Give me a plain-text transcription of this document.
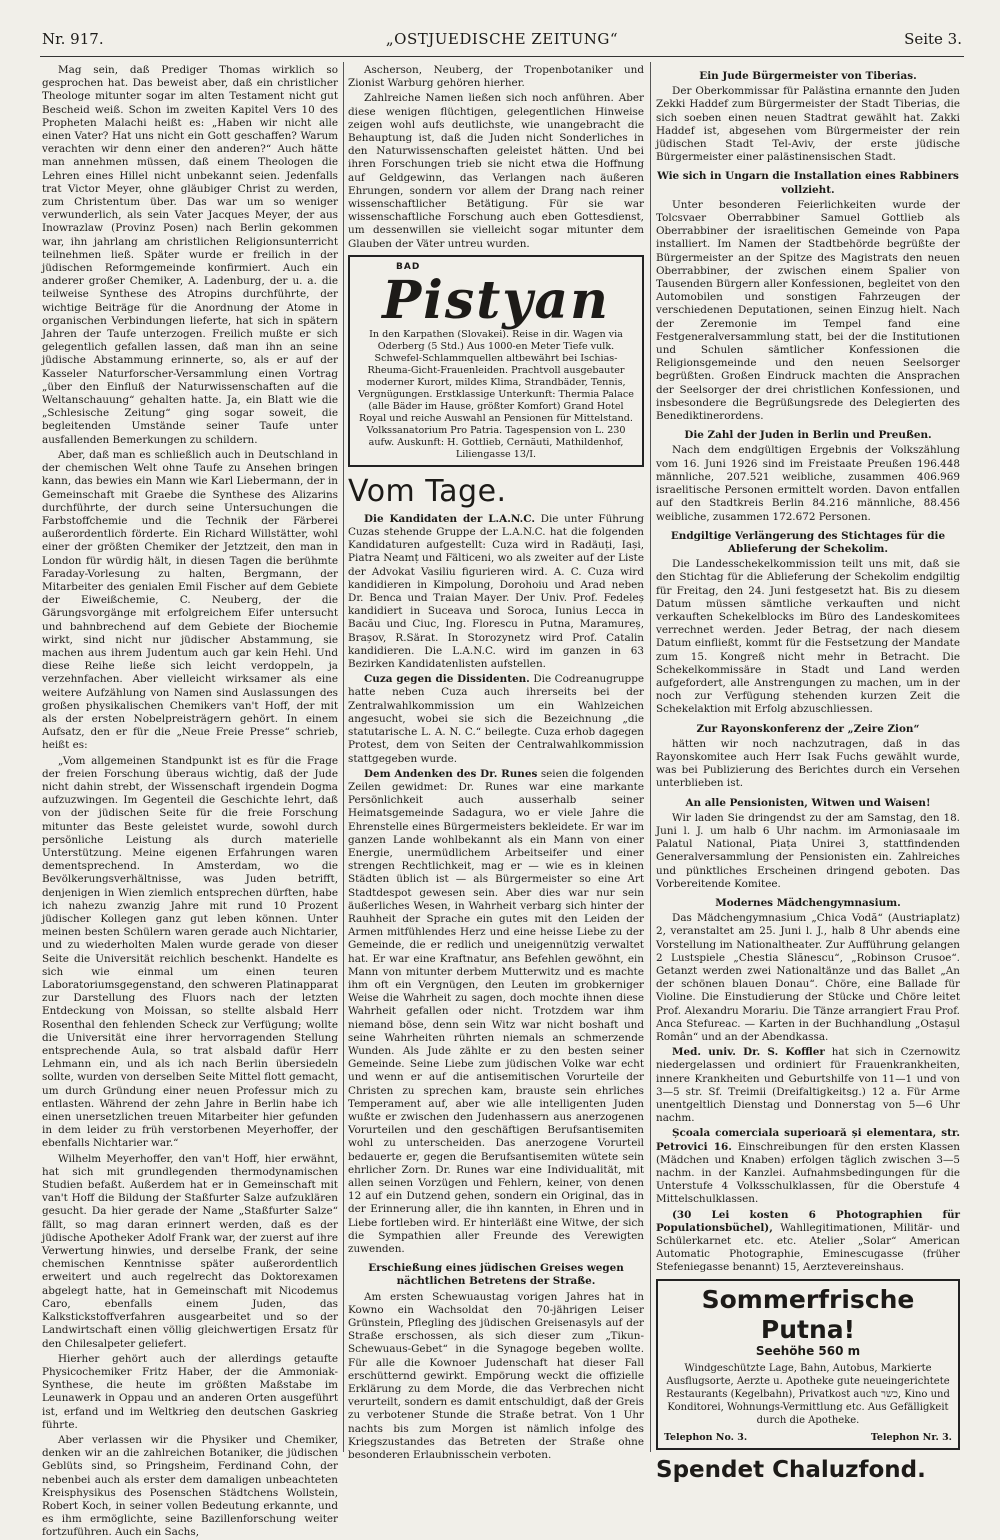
Nr. 917.	„OSTJUEDISCHE ZEITUNG“	Seite 3.

Mag sein, daß Prediger Thomas wirklich so gesprochen hat. Das beweist aber, daß ein christlicher Theologe mitunter sogar im alten Testament nicht gut Bescheid weiß. Schon im zweiten Kapitel Vers 10 des Propheten Malachi heißt es: „Haben wir nicht alle einen Vater? Hat uns nicht ein Gott geschaffen? Warum verachten wir denn einer den anderen?“ Auch hätte man annehmen müssen, daß einem Theologen die Lehren eines Hillel nicht unbekannt seien. Jedenfalls trat Victor Meyer, ohne gläubiger Christ zu werden, zum Christentum über. Das war um so weniger verwunderlich, als sein Vater Jacques Meyer, der aus Inowrazlaw (Provinz Posen) nach Berlin gekommen war, ihn jahrlang am christlichen Religionsunterricht teilnehmen ließ. Später wurde er freilich in der jüdischen Reformgemeinde konfirmiert. Auch ein anderer großer Chemiker, A. Ladenburg, der u. a. die teilweise Synthese des Atropins durchführte, der wichtige Beiträge für die Anordnung der Atome in organischen Verbindungen lieferte, hat sich in spätern Jahren der Taufe unterzogen. Freilich mußte er sich gelegentlich gefallen lassen, daß man ihn an seine jüdische Abstammung erinnerte, so, als er auf der Kasseler Naturforscher-Versammlung einen Vortrag „über den Einfluß der Naturwissenschaften auf die Weltanschauung“ gehalten hatte. Ja, ein Blatt wie die „Schlesische Zeitung“ ging sogar soweit, die begleitenden Umstände seiner Taufe unter ausfallenden Bemerkungen zu schildern.

Aber, daß man es schließlich auch in Deutschland in der chemischen Welt ohne Taufe zu Ansehen bringen kann, das bewies ein Mann wie Karl Liebermann, der in Gemeinschaft mit Graebe die Synthese des Alizarins durchführte, der durch seine Untersuchungen die Farbstoffchemie und die Technik der Färberei außerordentlich förderte. Ein Richard Willstätter, wohl einer der größten Chemiker der Jetztzeit, den man in London für würdig hält, in diesen Tagen die berühmte Faraday-Vorlesung zu halten, Bergmann, der Mitarbeiter des genialen Emil Fischer auf dem Gebiete der Eiweißchemie, C. Neuberg, der die Gärungsvorgänge mit erfolgreichem Eifer untersucht und bahnbrechend auf dem Gebiete der Biochemie wirkt, sind nicht nur jüdischer Abstammung, sie machen aus ihrem Judentum auch gar kein Hehl. Und diese Reihe ließe sich leicht verdoppeln, ja verzehnfachen. Aber vielleicht wirksamer als eine weitere Aufzählung von Namen sind Auslassungen des großen physikalischen Chemikers van't Hoff, der mit als der ersten Nobelpreisträgern gehört. In einem Aufsatz, den er für die „Neue Freie Presse“ schrieb, heißt es:

„Vom allgemeinen Standpunkt ist es für die Frage der freien Forschung überaus wichtig, daß der Jude nicht dahin strebt, der Wissenschaft irgendein Dogma aufzuzwingen. Im Gegenteil die Geschichte lehrt, daß von der jüdischen Seite für die freie Forschung mitunter das Beste geleistet wurde, sowohl durch persönliche Leistung als durch materielle Unterstützung. Meine eigenen Erfahrungen waren dementsprechend. In Amsterdam, wo die Bevölkerungsverhältnisse, was Juden betrifft, denjenigen in Wien ziemlich entsprechen dürften, habe ich nahezu zwanzig Jahre mit rund 10 Prozent jüdischer Kollegen ganz gut leben können. Unter meinen besten Schülern waren gerade auch Nichtarier, und zu wiederholten Malen wurde gerade von dieser Seite die Universität reichlich beschenkt. Handelte es sich wie einmal um einen teuren Laboratoriumsgegenstand, den schweren Platinapparat zur Darstellung des Fluors nach der letzten Entdeckung von Moissan, so stellte alsbald Herr Rosenthal den fehlenden Scheck zur Verfügung; wollte die Universität eine ihrer hervorragenden Stellung entsprechende Aula, so trat alsbald dafür Herr Lehmann ein, und als ich nach Berlin übersiedeln sollte, wurden von derselben Seite Mittel flott gemacht, um durch Gründung einer neuen Professur mich zu entlasten. Während der zehn Jahre in Berlin habe ich einen unersetzlichen treuen Mitarbeiter hier gefunden in dem leider zu früh verstorbenen Meyerhoffer, der ebenfalls Nichtarier war.“

Wilhelm Meyerhoffer, den van't Hoff, hier erwähnt, hat sich mit grundlegenden thermodynamischen Studien befaßt. Außerdem hat er in Gemeinschaft mit van't Hoff die Bildung der Staßfurter Salze aufzuklären gesucht. Da hier gerade der Name „Staßfurter Salze“ fällt, so mag daran erinnert werden, daß es der jüdische Apotheker Adolf Frank war, der zuerst auf ihre Verwertung hinwies, und derselbe Frank, der seine chemischen Kenntnisse später außerordentlich erweitert und auch regelrecht das Doktorexamen abgelegt hatte, hat in Gemeinschaft mit Nicodemus Caro, ebenfalls einem Juden, das Kalkstickstoffverfahren ausgearbeitet und so der Landwirtschaft einen völlig gleichwertigen Ersatz für den Chilesalpeter geliefert.

Hierher gehört auch der allerdings getaufte Physicochemiker Fritz Haber, der die Ammoniak-Synthese, die heute im größten Maßstabe im Leunawerk in Oppau und an anderen Orten ausgeführt ist, erfand und im Weltkrieg den deutschen Gaskrieg führte.

Aber verlassen wir die Physiker und Chemiker, denken wir an die zahlreichen Botaniker, die jüdischen Geblüts sind, so Pringsheim, Ferdinand Cohn, der nebenbei auch als erster dem damaligen unbeachteten Kreisphysikus des Posenschen Städtchens Wollstein, Robert Koch, in seiner vollen Bedeutung erkannte, und es ihm ermöglichte, seine Bazillenforschung weiter fortzuführen. Auch ein Sachs,

Ascherson, Neuberg, der Tropenbotaniker und Zionist Warburg gehören hierher.

Zahlreiche Namen ließen sich noch anführen. Aber diese wenigen flüchtigen, gelegentlichen Hinweise zeigen wohl aufs deutlichste, wie unangebracht die Behauptung ist, daß die Juden nicht Sonderliches in den Naturwissenschaften geleistet hätten. Und bei ihren Forschungen trieb sie nicht etwa die Hoffnung auf Geldgewinn, das Verlangen nach äußeren Ehrungen, sondern vor allem der Drang nach reiner wissenschaftlicher Betätigung. Für sie war wissenschaftliche Forschung auch eben Gottesdienst, um dessenwillen sie vielleicht sogar mitunter dem Glauben der Väter untreu wurden.

BAD
Pistyan
In den Karpathen (Slovakei). Reise in dir. Wagen via Oderberg (5 Std.) Aus 1000-en Meter Tiefe vulk. Schwefel-Schlammquellen altbewährt bei Ischias-Rheuma-Gicht-Frauenleiden. Prachtvoll ausgebauter moderner Kurort, mildes Klima, Strandbäder, Tennis, Vergnügungen. Erstklassige Unterkunft: Thermia Palace (alle Bäder im Hause, größter Komfort) Grand Hotel Royal und reiche Auswahl an Pensionen für Mittelstand. Volkssanatorium Pro Patria. Tagespension von L. 230 aufw. Auskunft: H. Gottlieb, Cernäuti, Mathildenhof, Liliengasse 13/I.
Vom Tage.

Die Kandidaten der L.A.N.C. Die unter Führung Cuzas stehende Gruppe der L.A.N.C. hat die folgenden Kandidaturen aufgestellt: Cuza wird in Radäuți, Iași, Piatra Neamț und Fälticeni, wo als zweiter auf der Liste der Advokat Vasiliu figurieren wird. A. C. Cuza wird kandidieren in Kimpolung, Dorohoiu und Arad neben Dr. Benca und Traian Mayer. Der Univ. Prof. Fedeleș kandidiert in Suceava und Soroca, Iunius Lecca in Bacău und Ciuc, Ing. Florescu in Putna, Maramureș, Brașov, R.Särat. In Storozynetz wird Prof. Catalin kandidieren. Die L.A.N.C. wird im ganzen in 63 Bezirken Kandidatenlisten aufstellen.

Cuza gegen die Dissidenten. Die Codreanugruppe hatte neben Cuza auch ihrerseits bei der Zentralwahlkommission um ein Wahlzeichen angesucht, wobei sie sich die Bezeichnung „die statutarische L. A. N. C.“ beilegte. Cuza erhob dagegen Protest, dem von Seiten der Centralwahlkommission stattgegeben wurde.

Dem Andenken des Dr. Runes seien die folgenden Zeilen gewidmet: Dr. Runes war eine markante Persönlichkeit auch ausserhalb seiner Heimatsgemeinde Sadagura, wo er viele Jahre die Ehrenstelle eines Bürgermeisters bekleidete. Er war im ganzen Lande wohlbekannt als ein Mann von einer Energie, unermüdlichem Arbeitseifer und einer strengen Rechtlichkeit, mag er — wie es in kleinen Städten üblich ist — als Bürgermeister so eine Art Stadtdespot gewesen sein. Aber dies war nur sein äußerliches Wesen, in Wahrheit verbarg sich hinter der Rauhheit der Sprache ein gutes mit den Leiden der Armen mitfühlendes Herz und eine heisse Liebe zu der Gemeinde, die er redlich und uneigennützig verwaltet hat. Er war eine Kraftnatur, ans Befehlen gewöhnt, ein Mann von mitunter derbem Mutterwitz und es machte ihm oft ein Vergnügen, den Leuten im grobkerniger Weise die Wahrheit zu sagen, doch mochte ihnen diese Wahrheit gefallen oder nicht. Trotzdem war ihm niemand böse, denn sein Witz war nicht boshaft und seine Wahrheiten rührten niemals an schmerzende Wunden. Als Jude zählte er zu den besten seiner Gemeinde. Seine Liebe zum jüdischen Volke war echt und wenn er auf die antisemitischen Vorurteile der Christen zu sprechen kam, brauste sein ehrliches Temperament auf, aber wie alle intelligenten Juden wußte er zwischen den Judenhassern aus anerzogenen Vorurteilen und den geschäftigen Berufsantisemiten wohl zu unterscheiden. Das anerzogene Vorurteil bedauerte er, gegen die Berufsantisemiten wütete sein ehrlicher Zorn. Dr. Runes war eine Individualität, mit allen seinen Vorzügen und Fehlern, keiner, von denen 12 auf ein Dutzend gehen, sondern ein Original, das in der Erinnerung aller, die ihn kannten, in Ehren und in Liebe fortleben wird. Er hinterläßt eine Witwe, der sich die Sympathien aller Freunde des Verewigten zuwenden.

Erschießung eines jüdischen Greises wegen nächtlichen Betretens der Straße.

Am ersten Schewuaustag vorigen Jahres hat in Kowno ein Wachsoldat den 70-jährigen Leiser Grünstein, Pflegling des jüdischen Greisenasyls auf der Straße erschossen, als sich dieser zum „Tikun-Schewuaus-Gebet“ in die Synagoge begeben wollte. Für alle die Kownoer Judenschaft hat dieser Fall erschütternd gewirkt. Empörung weckt die offizielle Erklärung zu dem Morde, die das Verbrechen nicht verurteilt, sondern es damit entschuldigt, daß der Greis zu verbotener Stunde die Straße betrat. Von 1 Uhr nachts bis zum Morgen ist nämlich infolge des Kriegszustandes das Betreten der Straße ohne besonderen Erlaubnisschein verboten.

Ein Jude Bürgermeister von Tiberias.

Der Oberkommissar für Palästina ernannte den Juden Zekki Haddef zum Bürgermeister der Stadt Tiberias, die sich soeben einen neuen Stadtrat gewählt hat. Zakki Haddef ist, abgesehen vom Bürgermeister der rein jüdischen Stadt Tel-Aviv, der erste jüdische Bürgermeister einer palästinensischen Stadt.

Wie sich in Ungarn die Installation eines Rabbiners vollzieht.

Unter besonderen Feierlichkeiten wurde der Tolcsvaer Oberrabbiner Samuel Gottlieb als Oberrabbiner der israelitischen Gemeinde von Papa installiert. Im Namen der Stadtbehörde begrüßte der Bürgermeister an der Spitze des Magistrats den neuen Oberrabbiner, der zwischen einem Spalier von Tausenden Bürgern aller Konfessionen, begleitet von den Automobilen und sonstigen Fahrzeugen der verschiedenen Deputationen, seinen Einzug hielt. Nach der Zeremonie im Tempel fand eine Festgeneralversammlung statt, bei der die Institutionen und Schulen sämtlicher Konfessionen die Religionsgemeinde und den neuen Seelsorger begrüßten. Großen Eindruck machten die Ansprachen der Seelsorger der drei christlichen Konfessionen, und insbesondere die Begrüßungsrede des Delegierten des Benediktinerordens.

Die Zahl der Juden in Berlin und Preußen.

Nach dem endgültigen Ergebnis der Volkszählung vom 16. Juni 1926 sind im Freistaate Preußen 196.448 männliche, 207.521 weibliche, zusammen 406.969 israelitische Personen ermittelt worden. Davon entfallen auf den Stadtkreis Berlin 84.216 männliche, 88.456 weibliche, zusammen 172.672 Personen.

Endgiltige Verlängerung des Stichtages für die Ablieferung der Schekolim.

Die Landesschekelkommission teilt uns mit, daß sie den Stichtag für die Ablieferung der Schekolim endgiltig für Freitag, den 24. Juni festgesetzt hat. Bis zu diesem Datum müssen sämtliche verkauften und nicht verkauften Schekelblocks im Büro des Landeskomitees verrechnet werden. Jeder Betrag, der nach diesem Datum einfließt, kommt für die Festsetzung der Mandate zum 15. Kongreß nicht mehr in Betracht. Die Schekelkommissäre in Stadt und Land werden aufgefordert, alle Anstrengungen zu machen, um in der noch zur Verfügung stehenden kurzen Zeit die Schekelaktion mit Erfolg abzuschliessen.

Zur Rayonskonferenz der „Zeire Zion“

hätten wir noch nachzutragen, daß in das Rayonskomitee auch Herr Isak Fuchs gewählt wurde, was bei Publizierung des Berichtes durch ein Versehen unterblieben ist.

An alle Pensionisten, Witwen und Waisen!

Wir laden Sie dringendst zu der am Samstag, den 18. Juni l. J. um halb 6 Uhr nachm. im Armoniasaale im Palatul National, Piața Unirei 3, stattfindenden Generalversammlung der Pensionisten ein. Zahlreiches und pünktliches Erscheinen dringend geboten. Das Vorbereitende Komitee.

Modernes Mädchengymnasium.

Das Mädchengymnasium „Chica Vodă“ (Austriaplatz) 2, veranstaltet am 25. Juni l. J., halb 8 Uhr abends eine Vorstellung im Nationaltheater. Zur Aufführung gelangen 2 Lustspiele „Chestia Slănescu“, „Robinson Crusoe“. Getanzt werden zwei Nationaltänze und das Ballet „An der schönen blauen Donau“. Chöre, eine Ballade für Violine. Die Einstudierung der Stücke und Chöre leitet Prof. Alexandru Morariu. Die Tänze arrangiert Frau Prof. Anca Stefureac. — Karten in der Buchhandlung „Ostașul Român“ und an der Abendkassa.

Med. univ. Dr. S. Koffler hat sich in Czernowitz niedergelassen und ordiniert für Frauenkrankheiten, innere Krankheiten und Geburtshilfe von 11—1 und von 3—5 str. Sf. Treimii (Dreifaltigkeitsg.) 12 a. Für Arme unentgeltlich Dienstag und Donnerstag von 5—6 Uhr nachm.

Școala comerciala superioară și elementara, str. Petrovici 16. Einschreibungen für den ersten Klassen (Mädchen und Knaben) erfolgen täglich zwischen 3—5 nachm. in der Kanzlei. Aufnahmsbedingungen für die Unterstufe 4 Volksschulklassen, für die Oberstufe 4 Mittelschulklassen.

(30 Lei kosten 6 Photographien für Populationsbüchel), Wahllegitimationen, Militär- und Schülerkarnet etc. etc. Atelier „Solar“ American Automatic Photographie, Eminescugasse (früher Stefeniegasse benannt) 15, Aerztevereinshaus.

Sommerfrische Putna!
Seehöhe 560 m
Windgeschützte Lage, Bahn, Autobus, Markierte Ausflugsorte, Aerzte u. Apotheke gute neueingerichtete Restaurants (Kegelbahn), Privatkost auch כשר, Kino und Konditorei, Wohnungs-Vermittlung etc. Aus Gefälligkeit durch die Apotheke.
Telephon No. 3.	Telephon Nr. 3.
Spendet Chaluzfond.
